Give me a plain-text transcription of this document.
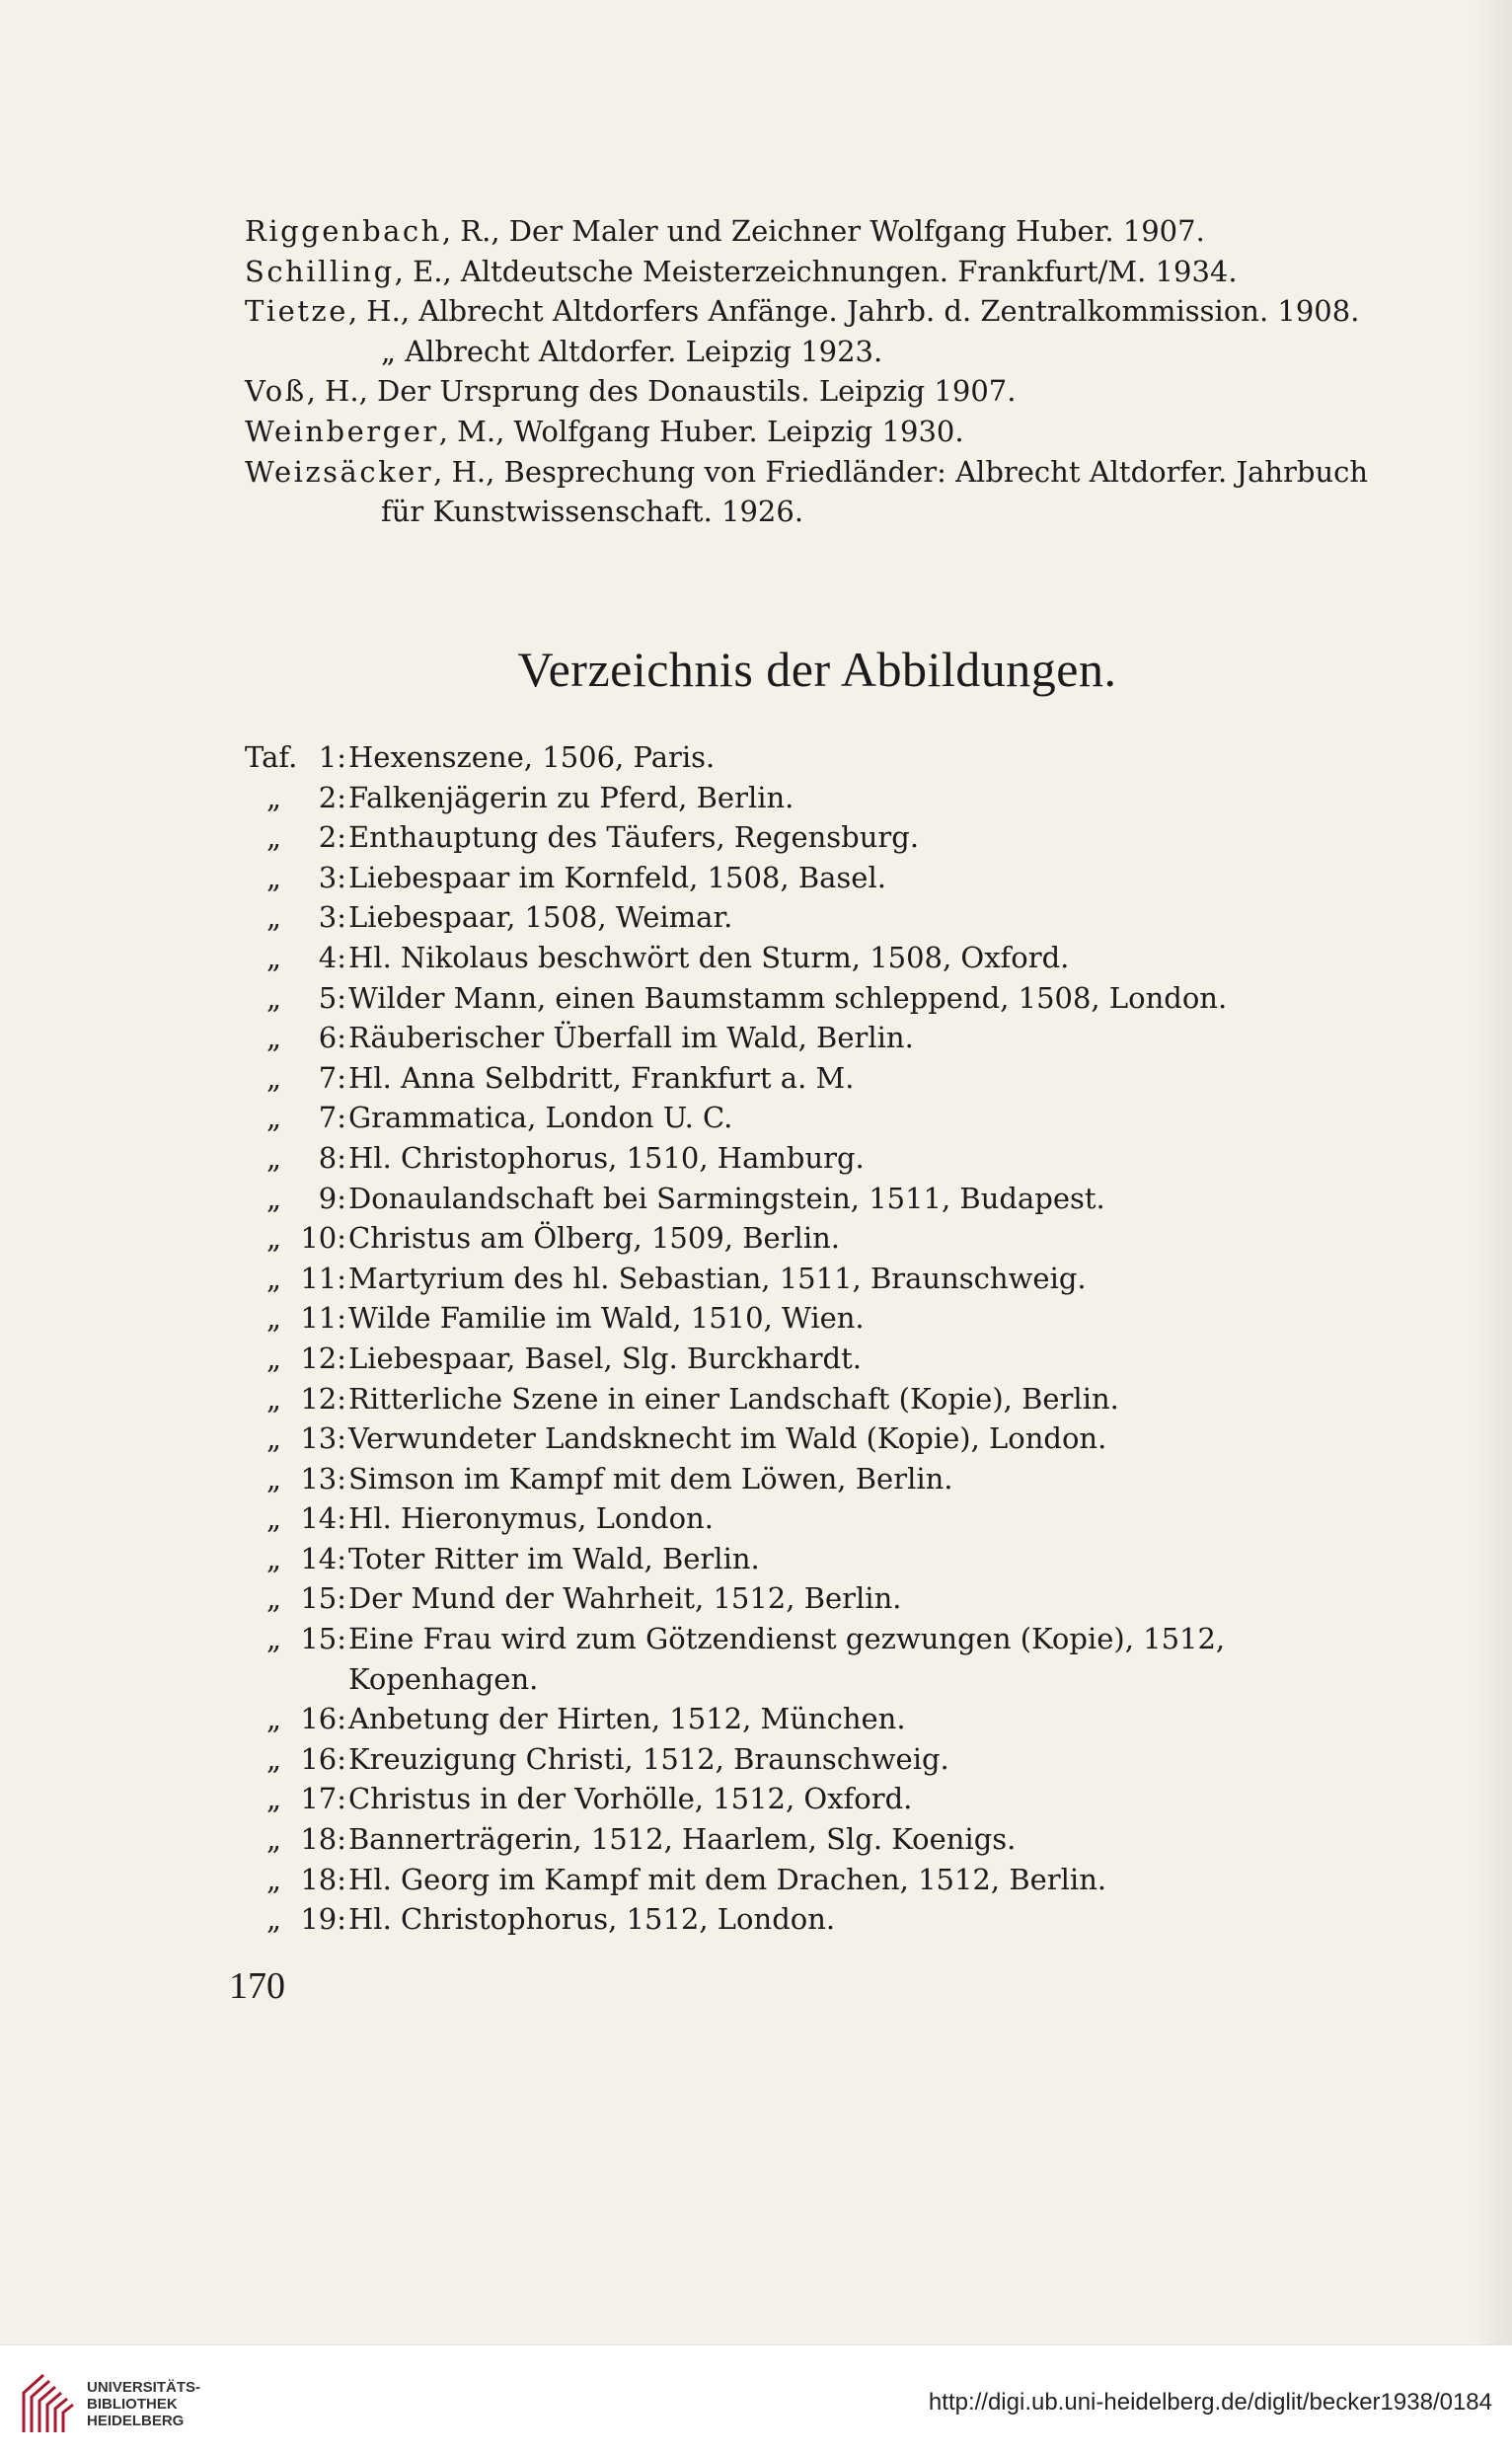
Riggenbach, R., Der Maler und Zeichner Wolfgang Huber. 1907.
Schilling, E., Altdeutsche Meisterzeichnungen. Frankfurt/M. 1934.
Tietze, H., Albrecht Altdorfers Anfänge. Jahrb. d. Zentralkommission. 1908.
„ Albrecht Altdorfer. Leipzig 1923.
Voß, H., Der Ursprung des Donaustils. Leipzig 1907.
Weinberger, M., Wolfgang Huber. Leipzig 1930.
Weizsäcker, H., Besprechung von Friedländer: Albrecht Altdorfer. Jahrbuch für Kunstwissenschaft. 1926.
Verzeichnis der Abbildungen.
Taf. 1: Hexenszene, 1506, Paris.
„ 2: Falkenjägerin zu Pferd, Berlin.
„ 2: Enthauptung des Täufers, Regensburg.
„ 3: Liebespaar im Kornfeld, 1508, Basel.
„ 3: Liebespaar, 1508, Weimar.
„ 4: Hl. Nikolaus beschwört den Sturm, 1508, Oxford.
„ 5: Wilder Mann, einen Baumstamm schleppend, 1508, London.
„ 6: Räuberischer Überfall im Wald, Berlin.
„ 7: Hl. Anna Selbdritt, Frankfurt a. M.
„ 7: Grammatica, London U. C.
„ 8: Hl. Christophorus, 1510, Hamburg.
„ 9: Donaulandschaft bei Sarmingstein, 1511, Budapest.
„ 10: Christus am Ölberg, 1509, Berlin.
„ 11: Martyrium des hl. Sebastian, 1511, Braunschweig.
„ 11: Wilde Familie im Wald, 1510, Wien.
„ 12: Liebespaar, Basel, Slg. Burckhardt.
„ 12: Ritterliche Szene in einer Landschaft (Kopie), Berlin.
„ 13: Verwundeter Landsknecht im Wald (Kopie), London.
„ 13: Simson im Kampf mit dem Löwen, Berlin.
„ 14: Hl. Hieronymus, London.
„ 14: Toter Ritter im Wald, Berlin.
„ 15: Der Mund der Wahrheit, 1512, Berlin.
„ 15: Eine Frau wird zum Götzendienst gezwungen (Kopie), 1512, Kopenhagen.
„ 16: Anbetung der Hirten, 1512, München.
„ 16: Kreuzigung Christi, 1512, Braunschweig.
„ 17: Christus in der Vorhölle, 1512, Oxford.
„ 18: Bannerträgerin, 1512, Haarlem, Slg. Koenigs.
„ 18: Hl. Georg im Kampf mit dem Drachen, 1512, Berlin.
„ 19: Hl. Christophorus, 1512, London.
170
UNIVERSITÄTS-
BIBLIOTHEK
HEIDELBERG
http://digi.ub.uni-heidelberg.de/diglit/becker1938/0184
